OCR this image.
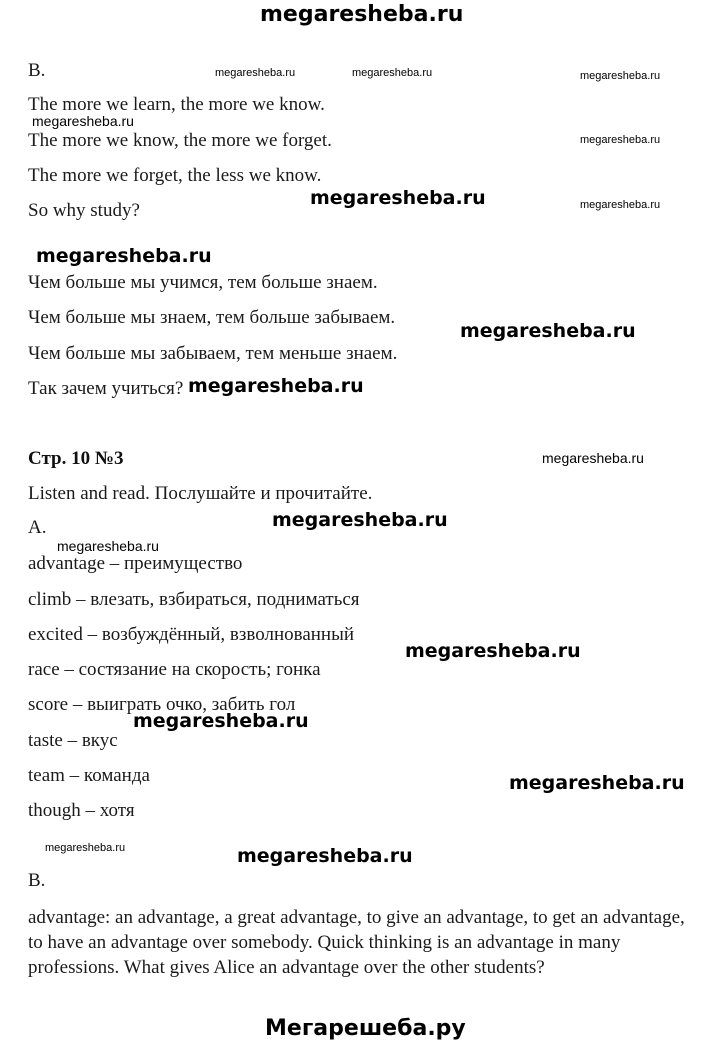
megaresheba.ru
B.
The more we learn, the more we know.
The more we know, the more we forget.
The more we forget, the less we know.
So why study?
Чем больше мы учимся, тем больше знаем.
Чем больше мы знаем, тем больше забываем.
Чем больше мы забываем, тем меньше знаем.
Так зачем учиться?
Стр. 10 №3
Listen and read. Послушайте и прочитайте.
A.
advantage – преимущество
climb – влезать, взбираться, подниматься
excited – возбуждённый, взволнованный
race – состязание на скорость; гонка
score – выиграть очко, забить гол
taste – вкус
team – команда
though – хотя
B.
advantage: an advantage, a great advantage, to give an advantage, to get an advantage, to have an advantage over somebody. Quick thinking is an advantage in many professions. What gives Alice an advantage over the other students?
Мегарешеба.ру
megaresheba.ru	megaresheba.ru	megaresheba.ru
megaresheba.ru
megaresheba.ru
megaresheba.ru	megaresheba.ru
megaresheba.ru
megaresheba.ru
megaresheba.ru
megaresheba.ru
megaresheba.ru
megaresheba.ru
megaresheba.ru
megaresheba.ru
megaresheba.ru
megaresheba.ru	megaresheba.ru
